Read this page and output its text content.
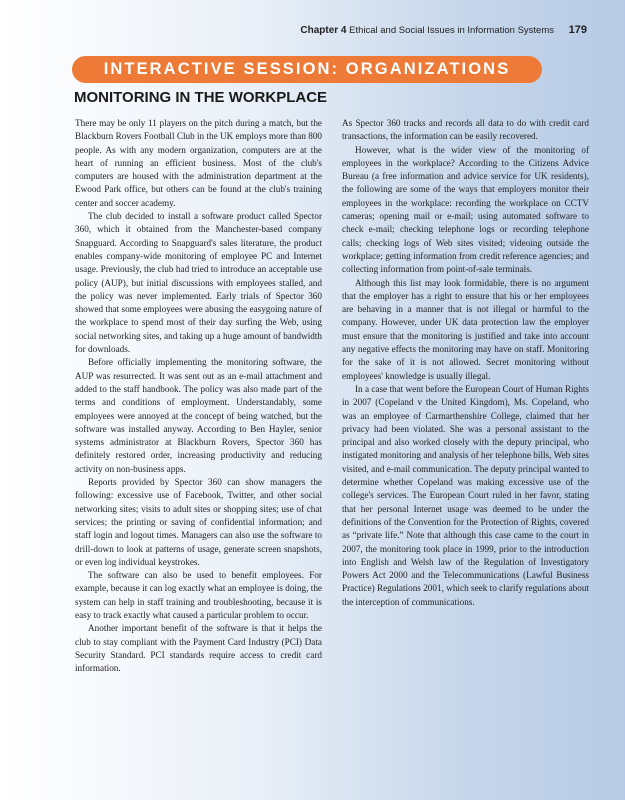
Chapter 4 Ethical and Social Issues in Information Systems 179
INTERACTIVE SESSION: ORGANIZATIONS
MONITORING IN THE WORKPLACE

There may be only 11 players on the pitch during a match, but the Blackburn Rovers Football Club in the UK employs more than 800 people. As with any modern organization, computers are at the heart of running an efficient business. Most of the club's computers are housed with the administration department at the Ewood Park office, but others can be found at the club's training center and soccer academy.

The club decided to install a software product called Spector 360, which it obtained from the Manchester-based company Snapguard. According to Snapguard's sales literature, the product enables company-wide monitoring of employee PC and Internet usage. Previously, the club had tried to introduce an acceptable use policy (AUP), but initial discussions with employees stalled, and the policy was never implemented. Early trials of Spector 360 showed that some employees were abusing the easygoing nature of the workplace to spend most of their day surfing the Web, using social networking sites, and taking up a huge amount of bandwidth for downloads.

Before officially implementing the monitoring software, the AUP was resurrected. It was sent out as an e-mail attachment and added to the staff handbook. The policy was also made part of the terms and conditions of employment. Understandably, some employees were annoyed at the concept of being watched, but the software was installed anyway. According to Ben Hayler, senior systems administrator at Blackburn Rovers, Spector 360 has definitely restored order, increasing productivity and reducing activity on non-business apps.

Reports provided by Spector 360 can show managers the following: excessive use of Facebook, Twitter, and other social networking sites; visits to adult sites or shopping sites; use of chat services; the printing or saving of confidential information; and staff login and logout times. Managers can also use the software to drill-down to look at patterns of usage, generate screen snapshots, or even log individual keystrokes.

The software can also be used to benefit employees. For example, because it can log exactly what an employee is doing, the system can help in staff training and troubleshooting, because it is easy to track exactly what caused a particular problem to occur.

Another important benefit of the software is that it helps the club to stay compliant with the Payment Card Industry (PCI) Data Security Standard. PCI standards require access to credit card information.

As Spector 360 tracks and records all data to do with credit card transactions, the information can be easily recovered.

However, what is the wider view of the monitoring of employees in the workplace? According to the Citizens Advice Bureau (a free information and advice service for UK residents), the following are some of the ways that employers monitor their employees in the workplace: recording the workplace on CCTV cameras; opening mail or e-mail; using automated software to check e-mail; checking telephone logs or recording telephone calls; checking logs of Web sites visited; videoing outside the workplace; getting information from credit reference agencies; and collecting information from point-of-sale terminals.

Although this list may look formidable, there is no argument that the employer has a right to ensure that his or her employees are behaving in a manner that is not illegal or harmful to the company. However, under UK data protection law the employer must ensure that the monitoring is justified and take into account any negative effects the monitoring may have on staff. Monitoring for the sake of it is not allowed. Secret monitoring without employees' knowledge is usually illegal.

In a case that went before the European Court of Human Rights in 2007 (Copeland v the United Kingdom), Ms. Copeland, who was an employee of Carmarthenshire College, claimed that her privacy had been violated. She was a personal assistant to the principal and also worked closely with the deputy principal, who instigated monitoring and analysis of her telephone bills, Web sites visited, and e-mail communication. The deputy principal wanted to determine whether Copeland was making excessive use of the college's services. The European Court ruled in her favor, stating that her personal Internet usage was deemed to be under the definitions of the Convention for the Protection of Rights, covered as “private life.” Note that although this case came to the court in 2007, the monitoring took place in 1999, prior to the introduction into English and Welsh law of the Regulation of Investigatory Powers Act 2000 and the Telecommunications (Lawful Business Practice) Regulations 2001, which seek to clarify regulations about the interception of communications.
